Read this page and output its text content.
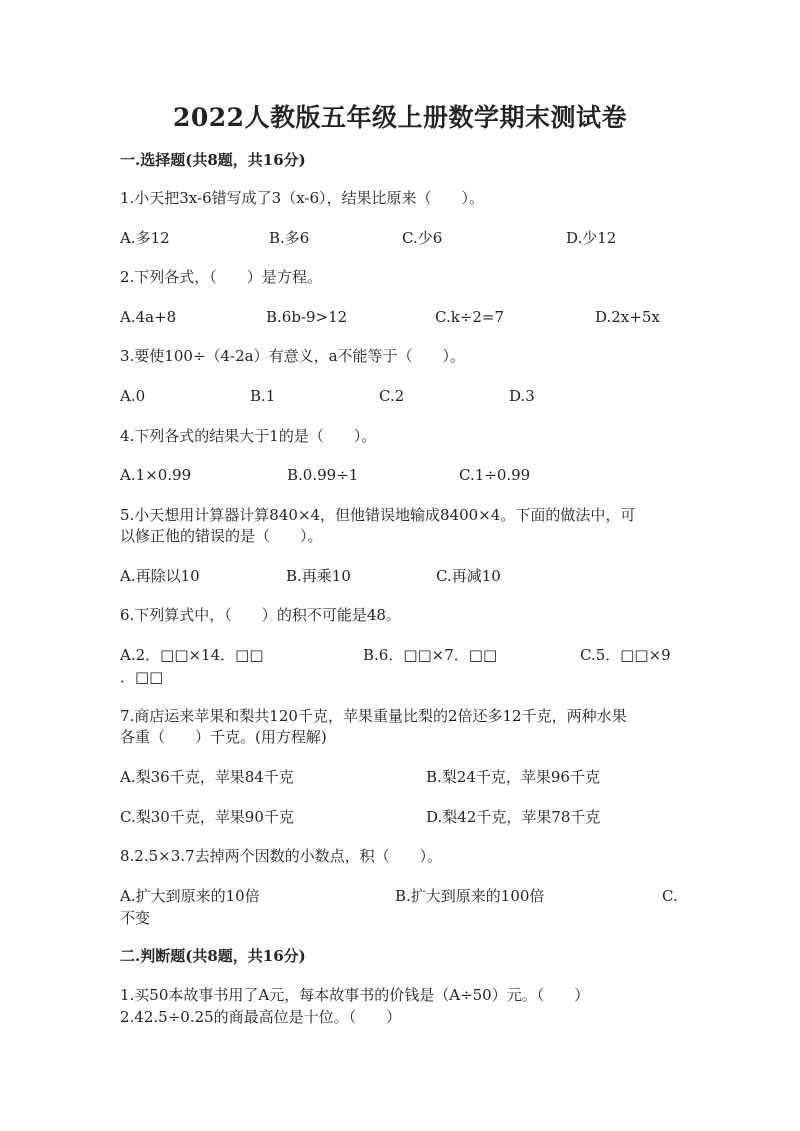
2022人教版五年级上册数学期末测试卷
一.选择题(共8题，共16分)
1.小天把3x-6错写成了3（x-6），结果比原来（　　）。
A.多12	B.多6	C.少6	D.少12
2.下列各式，（　　）是方程。
A.4a+8	B.6b-9>12	C.k÷2=7	D.2x+5x
3.要使100÷（4-2a）有意义，a不能等于（　　）。
A.0	B.1	C.2	D.3
4.下列各式的结果大于1的是（　　）。
A.1×0.99	B.0.99÷1	C.1÷0.99
5.小天想用计算器计算840×4，但他错误地输成8400×4。下面的做法中，可
以修正他的错误的是（　　）。
A.再除以10	B.再乘10	C.再减10
6.下列算式中，（　　）的积不可能是48。
A.2．□□×14．□□	B.6．□□×7．□□	C.5．□□×9
．□□
7.商店运来苹果和梨共120千克，苹果重量比梨的2倍还多12千克，两种水果
各重（　　）千克。(用方程解)
A.梨36千克，苹果84千克	B.梨24千克，苹果96千克
C.梨30千克，苹果90千克	D.梨42千克，苹果78千克
8.2.5×3.7去掉两个因数的小数点，积（　　）。
A.扩大到原来的10倍	B.扩大到原来的100倍	C.
不变
二.判断题(共8题，共16分)
1.买50本故事书用了A元，每本故事书的价钱是（A÷50）元。（　　）
2.42.5÷0.25的商最高位是十位。（　　）
